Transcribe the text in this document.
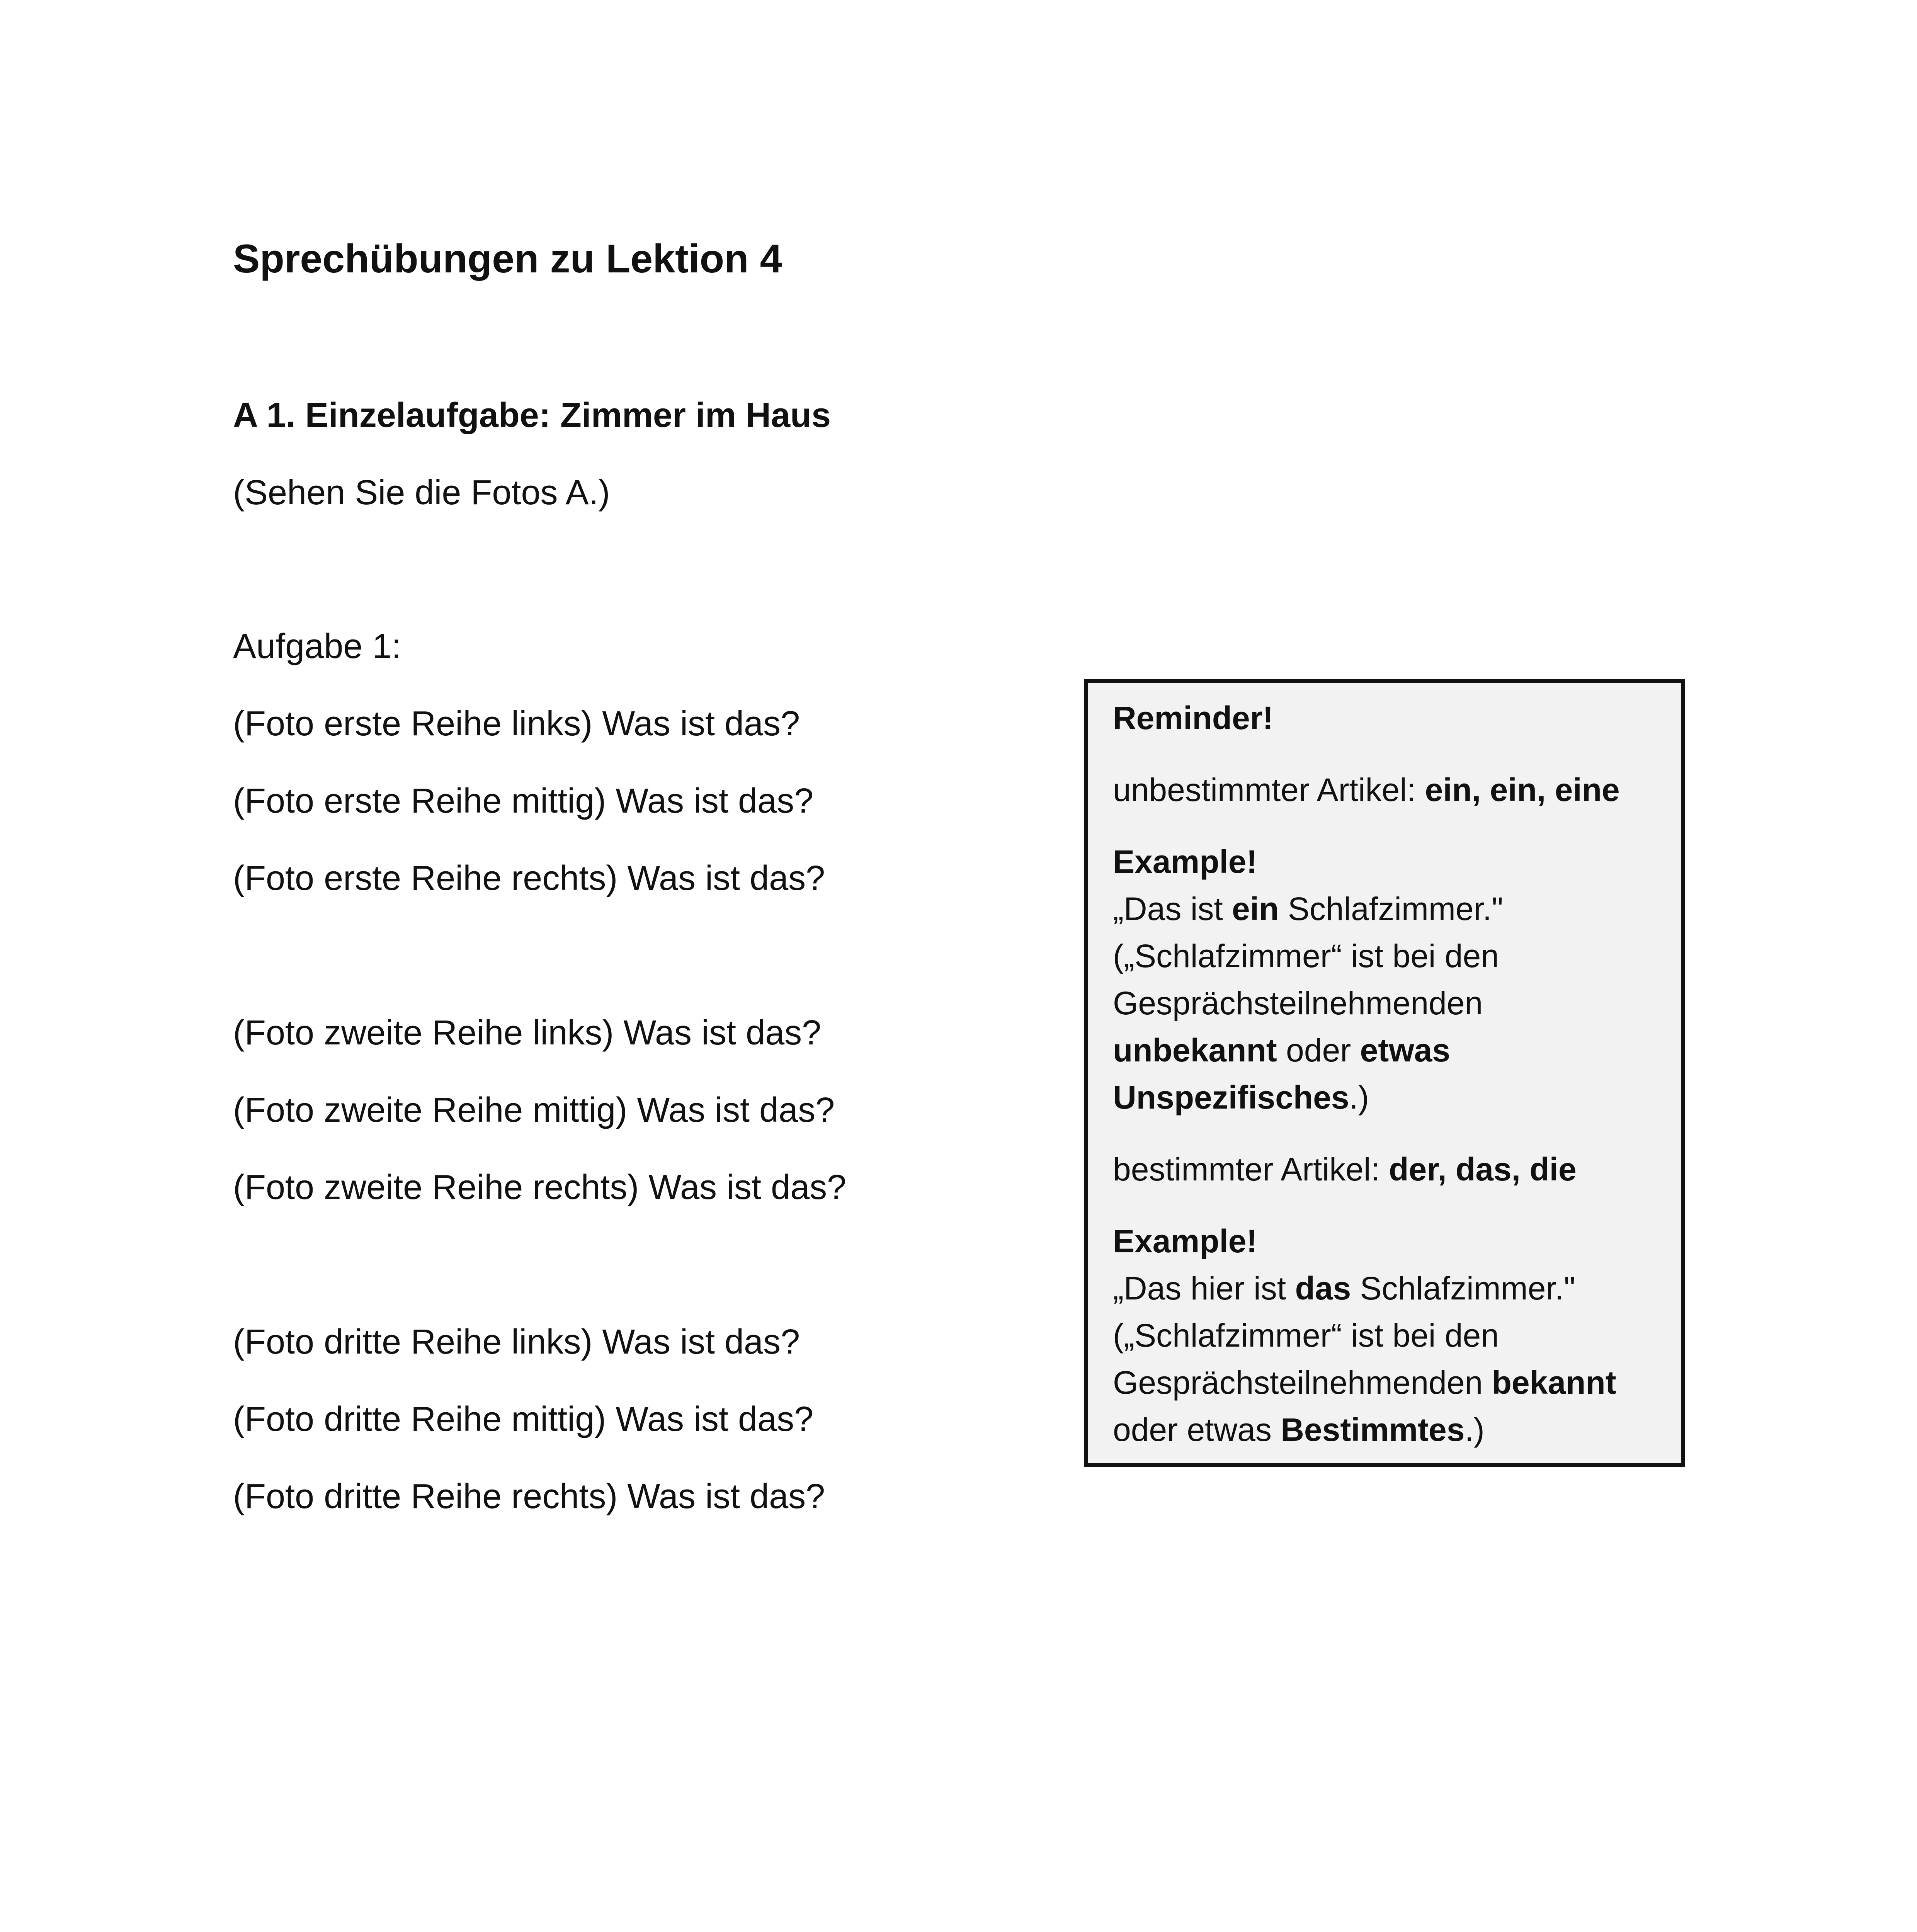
Sprechübungen zu Lektion 4
A 1. Einzelaufgabe: Zimmer im Haus

(Sehen Sie die Fotos A.)

Aufgabe 1:

(Foto erste Reihe links) Was ist das?

(Foto erste Reihe mittig) Was ist das?

(Foto erste Reihe rechts) Was ist das?

(Foto zweite Reihe links) Was ist das?

(Foto zweite Reihe mittig) Was ist das?

(Foto zweite Reihe rechts) Was ist das?

(Foto dritte Reihe links) Was ist das?

(Foto dritte Reihe mittig) Was ist das?

(Foto dritte Reihe rechts) Was ist das?

Reminder!

unbestimmter Artikel: ein, ein, eine

Example!

„Das ist ein Schlafzimmer."

(„Schlafzimmer“ ist bei den

Gesprächsteilnehmenden

unbekannt oder etwas

Unspezifisches.)

bestimmter Artikel: der, das, die

Example!

„Das hier ist das Schlafzimmer."

(„Schlafzimmer“ ist bei den

Gesprächsteilnehmenden bekannt

oder etwas Bestimmtes.)
